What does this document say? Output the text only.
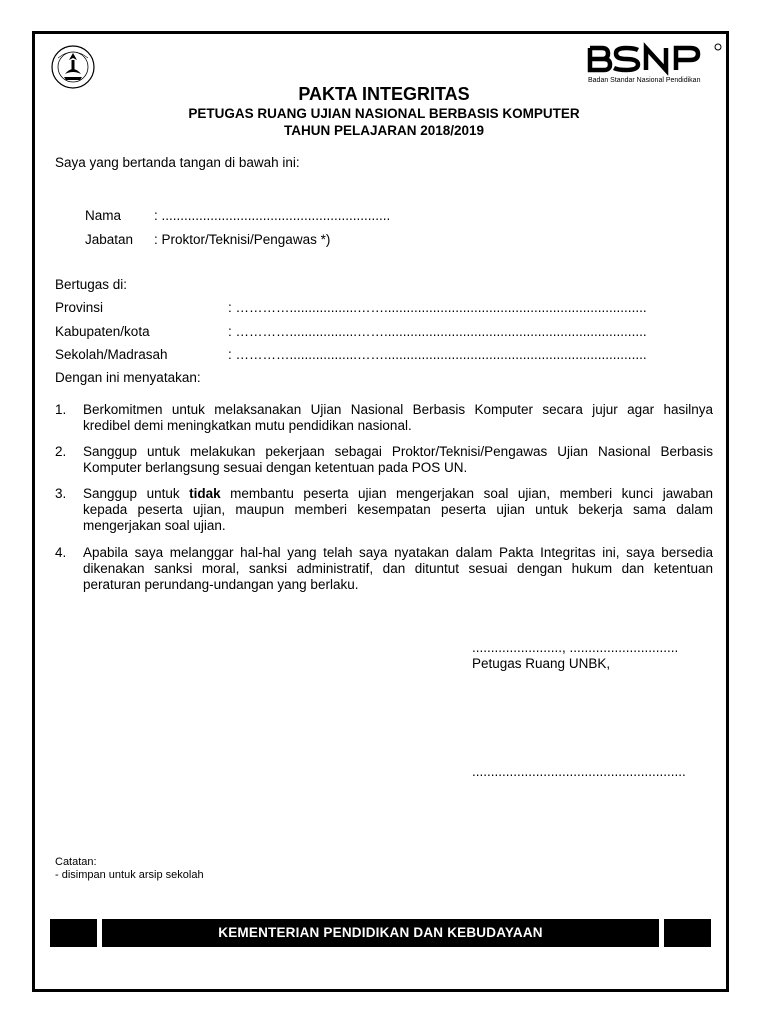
Badan Standar Nasional Pendidikan
PAKTA INTEGRITAS
PETUGAS RUANG UJIAN NASIONAL BERBASIS KOMPUTER
TAHUN PELAJARAN 2018/2019
Saya yang bertanda tangan di bawah ini:
Nama : .............................................................
Jabatan : Proktor/Teknisi/Pengawas *)
Bertugas di:
Provinsi	: …………..................……......................................................................
Kabupaten/kota	: …………..................……......................................................................
Sekolah/Madrasah	: …………..................……......................................................................
Dengan ini menyatakan:
1. Berkomitmen untuk melaksanakan Ujian Nasional Berbasis Komputer secara jujur agar hasilnya
kredibel demi meningkatkan mutu pendidikan nasional.
2. Sanggup untuk melakukan pekerjaan sebagai Proktor/Teknisi/Pengawas Ujian Nasional Berbasis
Komputer berlangsung sesuai dengan ketentuan pada POS UN.
3. Sanggup untuk tidak membantu peserta ujian mengerjakan soal ujian, memberi kunci jawaban
kepada peserta ujian, maupun memberi kesempatan peserta ujian untuk bekerja sama dalam
mengerjakan soal ujian.
4. Apabila saya melanggar hal-hal yang telah saya nyatakan dalam Pakta Integritas ini, saya bersedia
dikenakan sanksi moral, sanksi administratif, dan dituntut sesuai dengan hukum dan ketentuan
peraturan perundang-undangan yang berlaku.
........................, .............................
Petugas Ruang UNBK,
.........................................................
Catatan:
- disimpan untuk arsip sekolah
KEMENTERIAN PENDIDIKAN DAN KEBUDAYAAN
